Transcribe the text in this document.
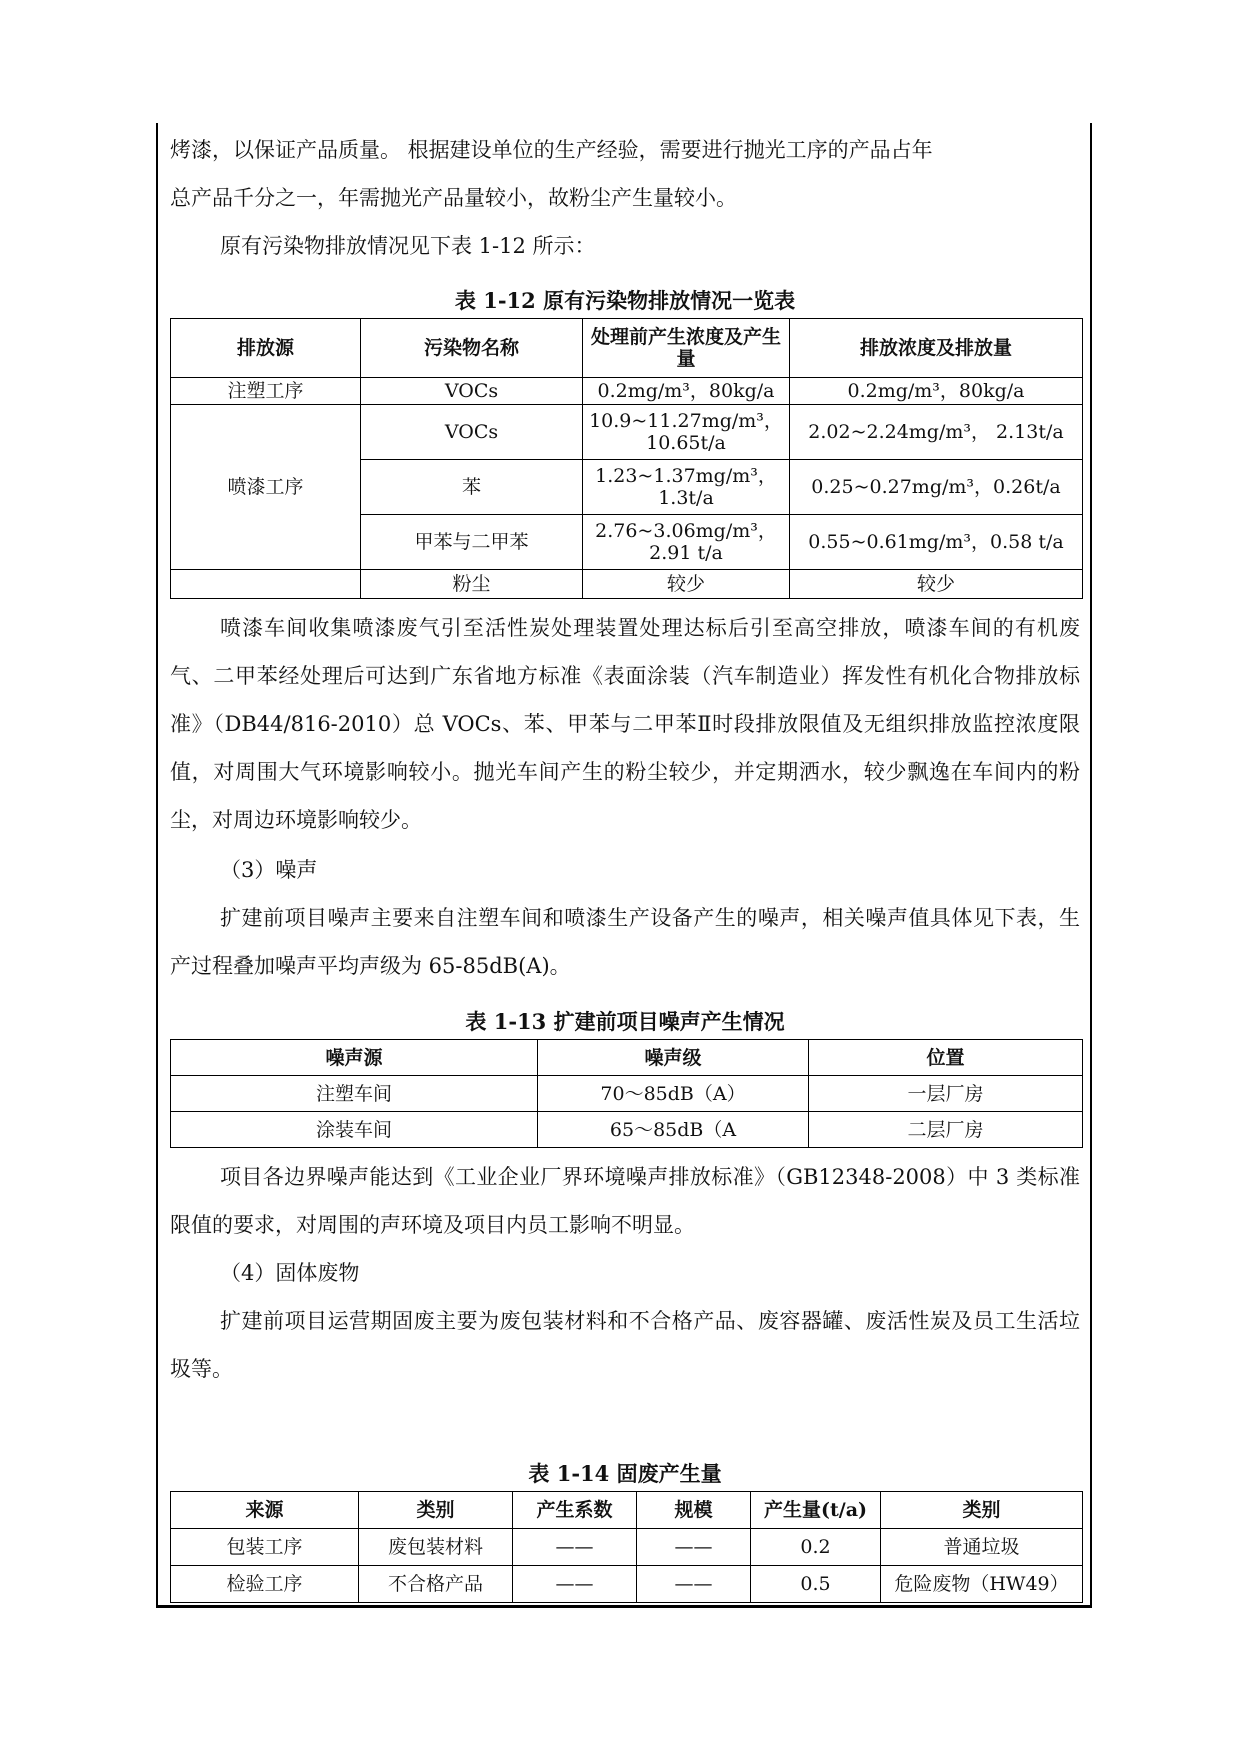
烤漆，以保证产品质量。 根据建设单位的生产经验，需要进行抛光工序的产品占年
总产品千分之一，年需抛光产品量较小，故粉尘产生量较小。
原有污染物排放情况见下表 1-12 所示：
表 1-12 原有污染物排放情况一览表
排放源	污染物名称	处理前产生浓度及产生量	排放浓度及排放量
注塑工序	VOCs	0.2mg/m³，80kg/a	0.2mg/m³，80kg/a
喷漆工序	VOCs	10.9~11.27mg/m³，10.65t/a	2.02~2.24mg/m³， 2.13t/a
	苯	1.23~1.37mg/m³，1.3t/a	0.25~0.27mg/m³，0.26t/a
	甲苯与二甲苯	2.76~3.06mg/m³，2.91 t/a	0.55~0.61mg/m³，0.58 t/a
	粉尘	较少	较少

喷漆车间收集喷漆废气引至活性炭处理装置处理达标后引至高空排放，喷漆车间的有机废气、二甲苯经处理后可达到广东省地方标准《表面涂装（汽车制造业）挥发性有机化合物排放标准》（DB44/816-2010）总 VOCs、苯、甲苯与二甲苯Ⅱ时段排放限值及无组织排放监控浓度限值，对周围大气环境影响较小。抛光车间产生的粉尘较少，并定期洒水，较少飘逸在车间内的粉尘，对周边环境影响较少。

（3）噪声

扩建前项目噪声主要来自注塑车间和喷漆生产设备产生的噪声，相关噪声值具体见下表，生产过程叠加噪声平均声级为 65-85dB(A)。

表 1-13 扩建前项目噪声产生情况
噪声源	噪声级	位置
注塑车间	70～85dB（A）	一层厂房
涂装车间	65～85dB（A	二层厂房

项目各边界噪声能达到《工业企业厂界环境噪声排放标准》（GB12348-2008）中 3 类标准限值的要求，对周围的声环境及项目内员工影响不明显。

（4）固体废物

扩建前项目运营期固废主要为废包装材料和不合格产品、废容器罐、废活性炭及员工生活垃圾等。

表 1-14 固废产生量
来源	类别	产生系数	规模	产生量(t/a)	类别
包装工序	废包装材料	——	——	0.2	普通垃圾
检验工序	不合格产品	——	——	0.5	危险废物（HW49）
